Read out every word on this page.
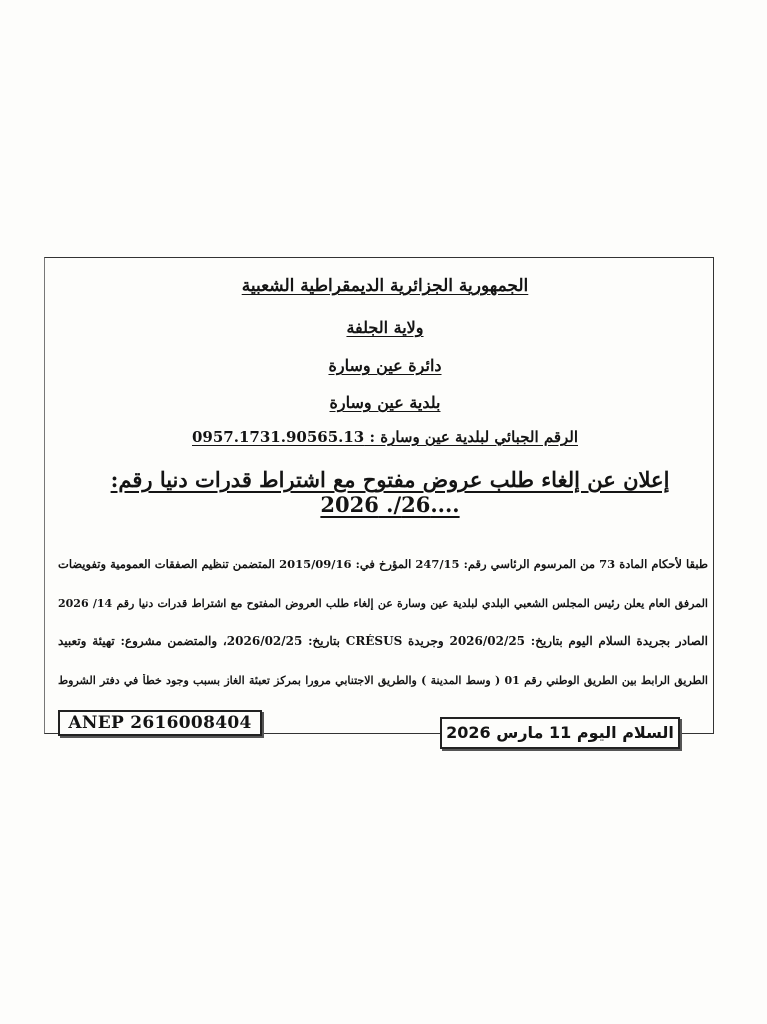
الجمهورية الجزائرية الديمقراطية الشعبية
ولاية الجلفة
دائرة عين وسارة
بلدية عين وسارة
الرقم الجبائي لبلدية عين وسارة : 0957.1731.90565.13
إعلان عن إلغاء طلب عروض مفتوح مع اشتراط قدرات دنيا رقم: ....26/. 2026
طبقا لأحكام المادة 73 من المرسوم الرئاسي رقم: 247/15 المؤرخ في: 2015/09/16 المتضمن تنظيم الصفقات العمومية وتفويضات
المرفق العام يعلن رئيس المجلس الشعبي البلدي لبلدية عين وسارة عن إلغاء طلب العروض المفتوح مع اشتراط قدرات دنيا رقم 14/ 2026
الصادر بجريدة السلام اليوم بتاريخ: 2026/02/25 وجريدة CRÉSUS بتاريخ: 2026/02/25، والمتضمن مشروع: تهيئة وتعبيد
الطريق الرابط بين الطريق الوطني رقم 01 ( وسط المدينة ) والطريق الاجتنابي مرورا بمركز تعبئة الغاز بسبب وجود خطأ في دفتر الشروط
ANEP 2616008404	السلام اليوم 11 مارس 2026
